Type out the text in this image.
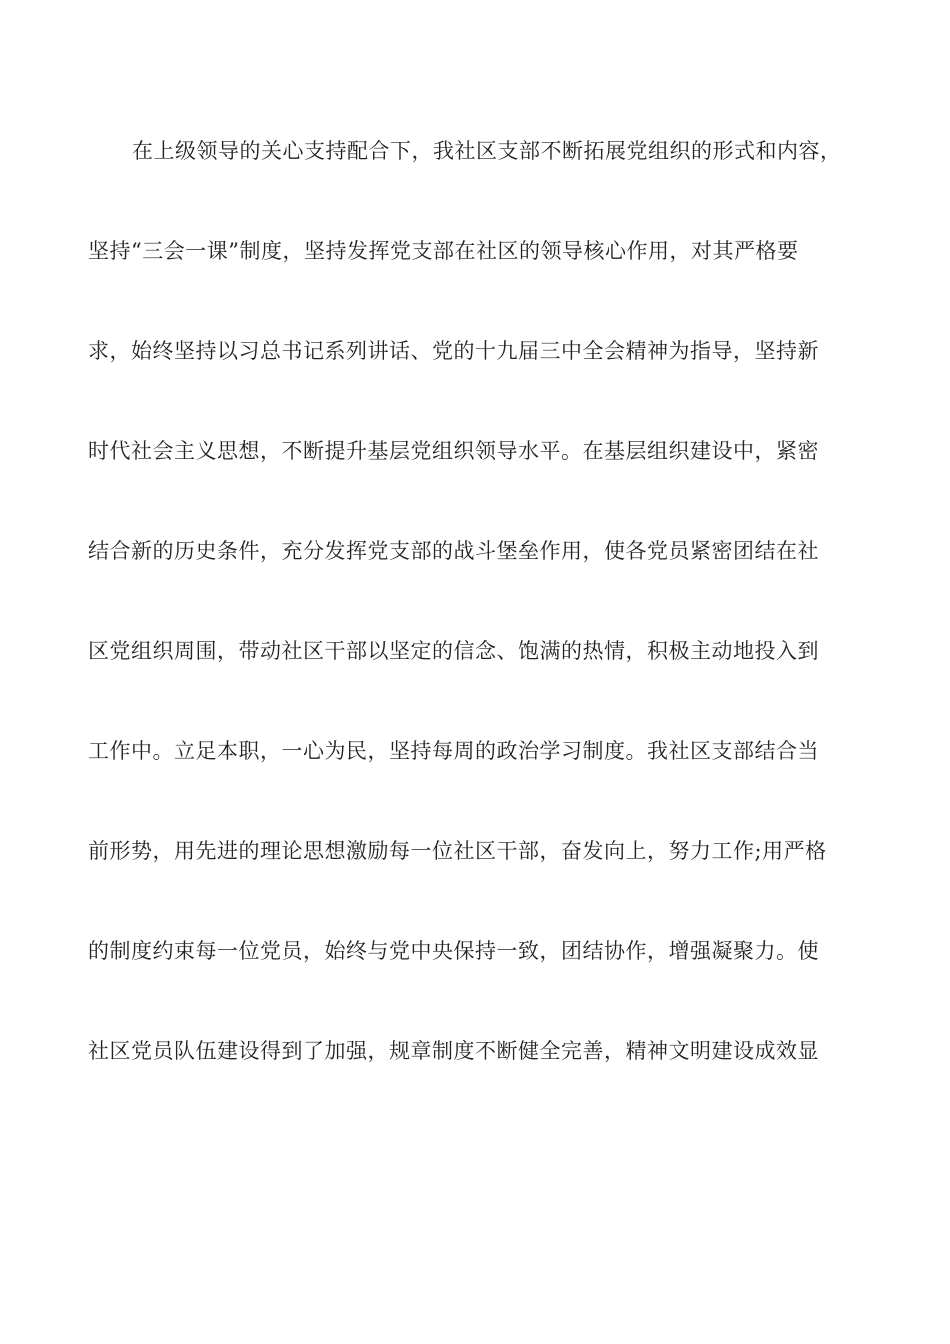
在上级领导的关心支持配合下，我社区支部不断拓展党组织的形式和内容，
坚持“三会一课”制度，坚持发挥党支部在社区的领导核心作用，对其严格要
求，始终坚持以习总书记系列讲话、党的十九届三中全会精神为指导，坚持新
时代社会主义思想，不断提升基层党组织领导水平。在基层组织建设中，紧密
结合新的历史条件，充分发挥党支部的战斗堡垒作用，使各党员紧密团结在社
区党组织周围，带动社区干部以坚定的信念、饱满的热情，积极主动地投入到
工作中。立足本职，一心为民，坚持每周的政治学习制度。我社区支部结合当
前形势，用先进的理论思想激励每一位社区干部，奋发向上，努力工作;用严格
的制度约束每一位党员，始终与党中央保持一致，团结协作，增强凝聚力。使
社区党员队伍建设得到了加强，规章制度不断健全完善，精神文明建设成效显
